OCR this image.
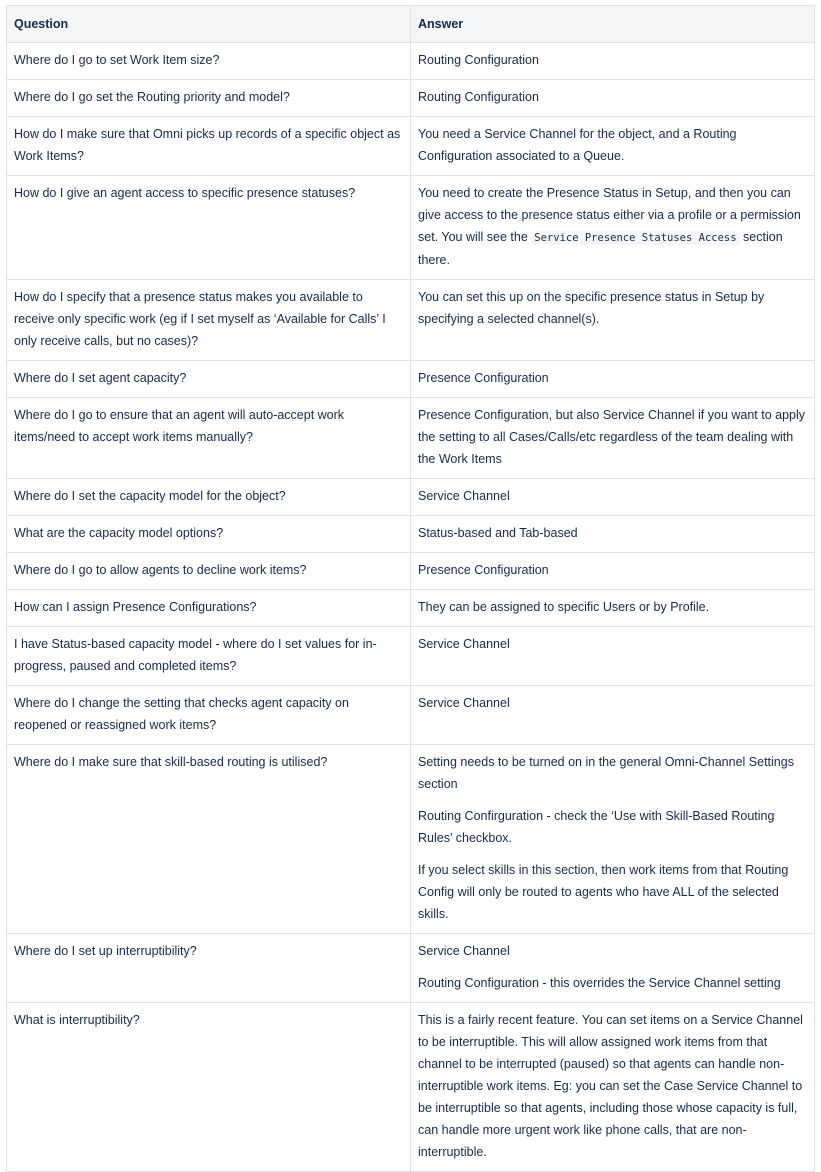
Question	Answer
Where do I go to set Work Item size?	Routing Configuration

Where do I go set the Routing priority and model?	Routing Configuration

How do I make sure that Omni picks up records of a specific object as Work Items?	You need a Service Channel for the object, and a Routing Configuration associated to a Queue.

How do I give an agent access to specific presence statuses?	You need to create the Presence Status in Setup, and then you can give access to the presence status either via a profile or a permission set. You will see the Service Presence Statuses Access section there.

How do I specify that a presence status makes you available to receive only specific work (eg if I set myself as ‘Available for Calls’ I only receive calls, but no cases)?	You can set this up on the specific presence status in Setup by specifying a selected channel(s).

Where do I set agent capacity?	Presence Configuration

Where do I go to ensure that an agent will auto-accept work items/need to accept work items manually?	Presence Configuration, but also Service Channel if you want to apply the setting to all Cases/Calls/etc regardless of the team dealing with the Work Items

Where do I set the capacity model for the object?	Service Channel

What are the capacity model options?	Status-based and Tab-based

Where do I go to allow agents to decline work items?	Presence Configuration

How can I assign Presence Configurations?	They can be assigned to specific Users or by Profile.

I have Status-based capacity model - where do I set values for in-progress, paused and completed items?	Service Channel

Where do I change the setting that checks agent capacity on reopened or reassigned work items?	Service Channel

Where do I make sure that skill-based routing is utilised?	Setting needs to be turned on in the general Omni-Channel Settings section

Routing Confirguration - check the ‘Use with Skill-Based Routing Rules’ checkbox.

If you select skills in this section, then work items from that Routing Config will only be routed to agents who have ALL of the selected skills.

Where do I set up interruptibility?	Service Channel

Routing Configuration - this overrides the Service Channel setting

What is interruptibility?	This is a fairly recent feature. You can set items on a Service Channel to be interruptible. This will allow assigned work items from that channel to be interrupted (paused) so that agents can handle non-interruptible work items. Eg: you can set the Case Service Channel to be interruptible so that agents, including those whose capacity is full, can handle more urgent work like phone calls, that are non-interruptible.
